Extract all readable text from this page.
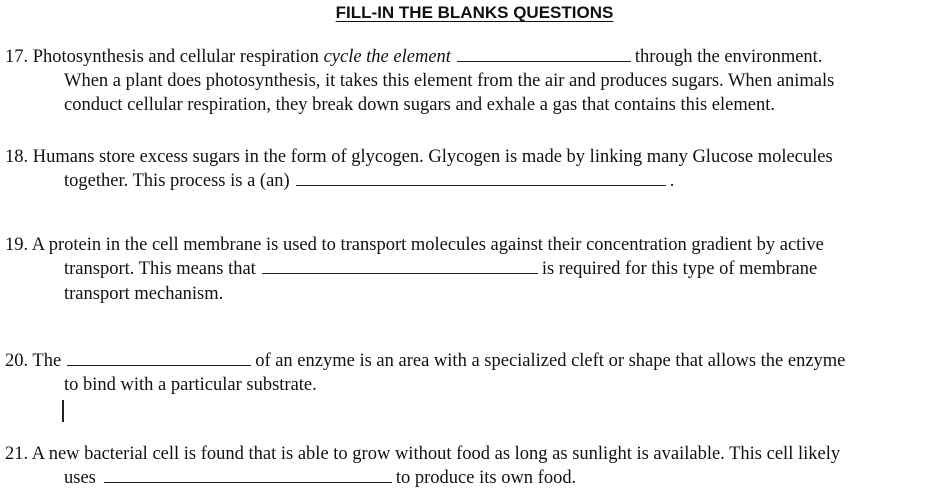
FILL-IN THE BLANKS QUESTIONS
17. Photosynthesis and cellular respiration cycle the element	through the environment.
When a plant does photosynthesis, it takes this element from the air and produces sugars. When animals
conduct cellular respiration, they break down sugars and exhale a gas that contains this element.
18. Humans store excess sugars in the form of glycogen. Glycogen is made by linking many Glucose molecules
together. This process is a (an)	.
19. A protein in the cell membrane is used to transport molecules against their concentration gradient by active
transport. This means that	is required for this type of membrane
transport mechanism.
20. The	of an enzyme is an area with a specialized cleft or shape that allows the enzyme
to bind with a particular substrate.
21. A new bacterial cell is found that is able to grow without food as long as sunlight is available. This cell likely
uses	to produce its own food.
